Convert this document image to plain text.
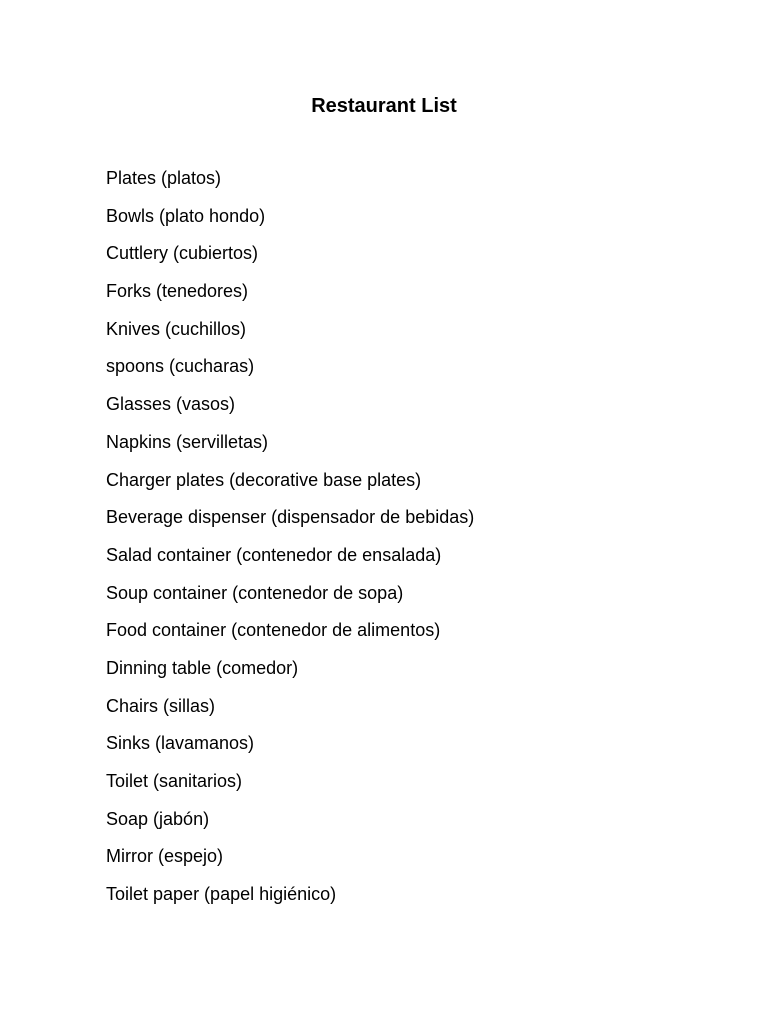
Restaurant List
Plates (platos)
Bowls (plato hondo)
Cuttlery (cubiertos)
Forks (tenedores)
Knives (cuchillos)
spoons (cucharas)
Glasses (vasos)
Napkins (servilletas)
Charger plates (decorative base plates)
Beverage dispenser (dispensador de bebidas)
Salad container (contenedor de ensalada)
Soup container (contenedor de sopa)
Food container (contenedor de alimentos)
Dinning table (comedor)
Chairs (sillas)
Sinks (lavamanos)
Toilet (sanitarios)
Soap (jabón)
Mirror (espejo)
Toilet paper (papel higiénico)
